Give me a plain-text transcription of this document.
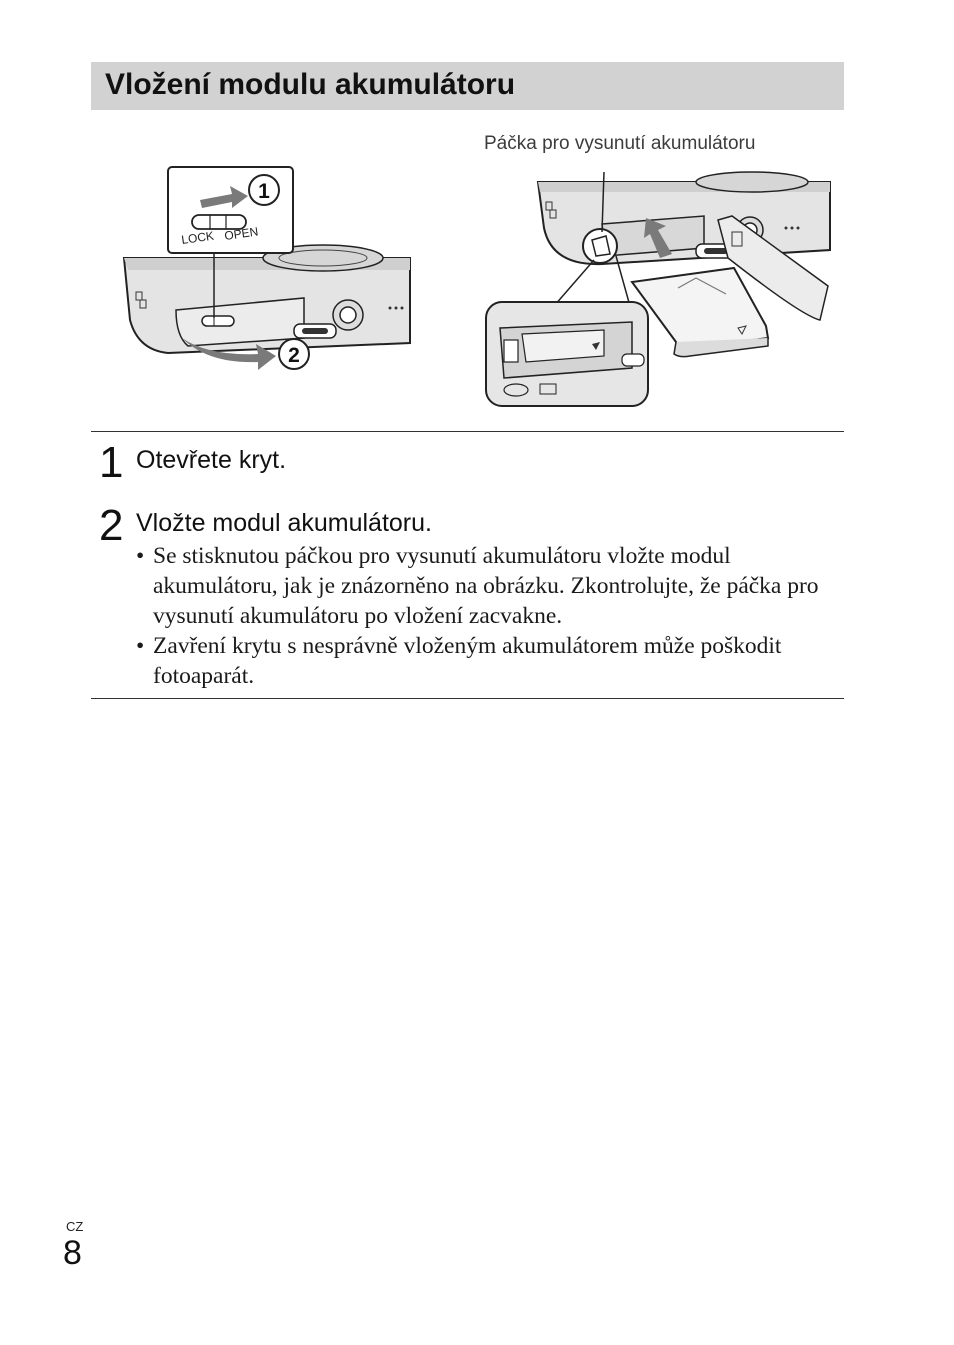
Vložení modulu akumulátoru
LOCK OPEN
1
2
Páčka pro vysunutí akumulátoru
1 Otevřete kryt.
2 Vložte modul akumulátoru.
• Se stisknutou páčkou pro vysunutí akumulátoru vložte modul akumulátoru, jak je znázorněno na obrázku. Zkontrolujte, že páčka pro vysunutí akumulátoru po vložení zacvakne.
• Zavření krytu s nesprávně vloženým akumulátorem může poškodit fotoaparát.
CZ
8
